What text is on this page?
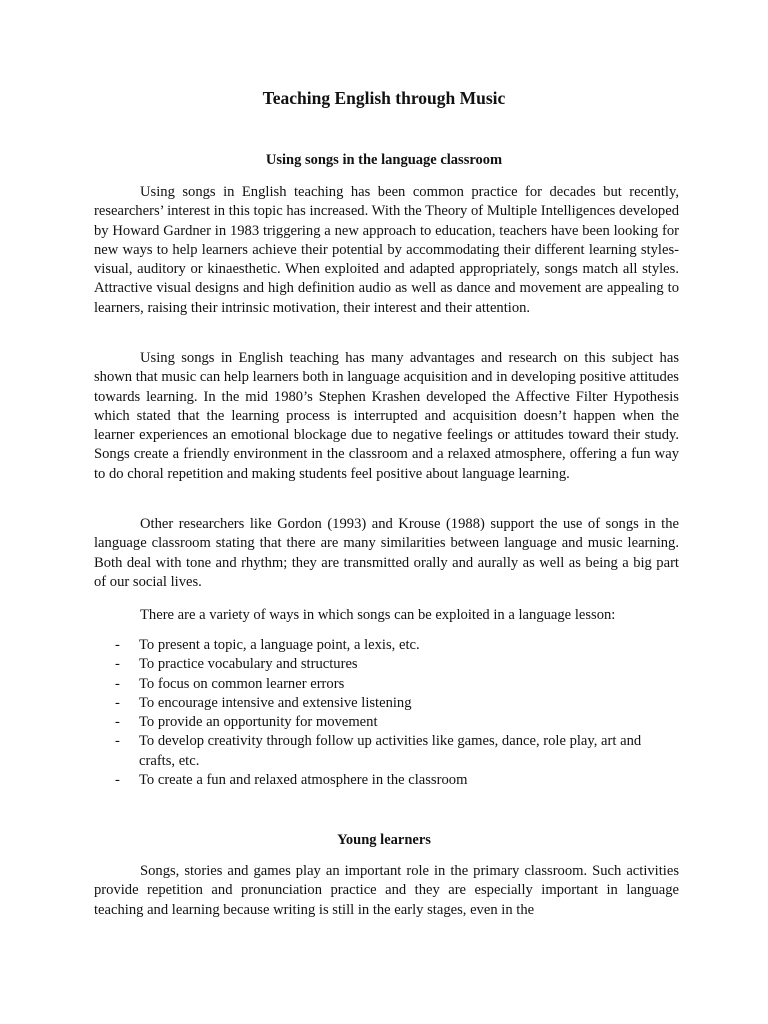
Teaching English through Music
Using songs in the language classroom

Using songs in English teaching has been common practice for decades but recently, researchers’ interest in this topic has increased. With the Theory of Multiple Intelligences developed by Howard Gardner in 1983 triggering a new approach to education, teachers have been looking for new ways to help learners achieve their potential by accommodating their different learning styles-visual, auditory or kinaesthetic. When exploited and adapted appropriately, songs match all styles. Attractive visual designs and high definition audio as well as dance and movement are appealing to learners, raising their intrinsic motivation, their interest and their attention.

Using songs in English teaching has many advantages and research on this subject has shown that music can help learners both in language acquisition and in developing positive attitudes towards learning. In the mid 1980’s Stephen Krashen developed the Affective Filter Hypothesis which stated that the learning process is interrupted and acquisition doesn’t happen when the learner experiences an emotional blockage due to negative feelings or attitudes toward their study. Songs create a friendly environment in the classroom and a relaxed atmosphere, offering a fun way to do choral repetition and making students feel positive about language learning.

Other researchers like Gordon (1993) and Krouse (1988) support the use of songs in the language classroom stating that there are many similarities between language and music learning. Both deal with tone and rhythm; they are transmitted orally and aurally as well as being a big part of our social lives.

There are a variety of ways in which songs can be exploited in a language lesson:

- To present a topic, a language point, a lexis, etc.
- To practice vocabulary and structures
- To focus on common learner errors
- To encourage intensive and extensive listening
- To provide an opportunity for movement
- To develop creativity through follow up activities like games, dance, role play, art and crafts, etc.
- To create a fun and relaxed atmosphere in the classroom
Young learners

Songs, stories and games play an important role in the primary classroom. Such activities provide repetition and pronunciation practice and they are especially important in language teaching and learning because writing is still in the early stages, even in the
